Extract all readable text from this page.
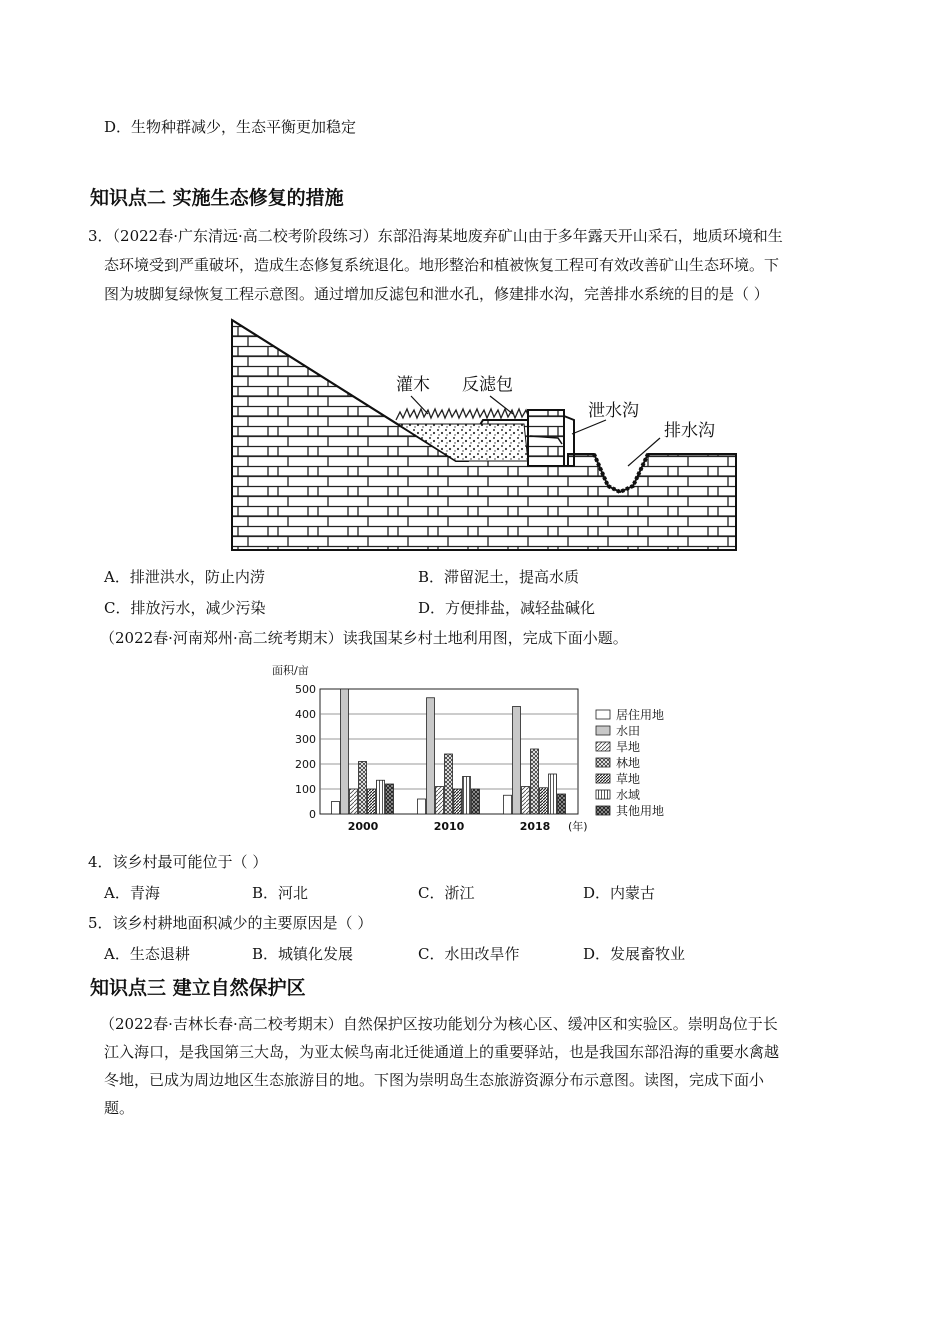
D．生物种群减少，生态平衡更加稳定
知识点二 实施生态修复的措施
3．（2022春·广东清远·高二校考阶段练习）东部沿海某地废弃矿山由于多年露天开山采石，地质环境和生
态环境受到严重破坏，造成生态修复系统退化。地形整治和植被恢复工程可有效改善矿山生态环境。下
图为坡脚复绿恢复工程示意图。通过增加反滤包和泄水孔，修建排水沟，完善排水系统的目的是（ ）
灌木 反滤包
泄水沟
排水沟
A．排泄洪水，防止内涝	B．滞留泥土，提高水质
C．排放污水，减少污染	D．方便排盐，减轻盐碱化
（2022春·河南郑州·高二统考期末）读我国某乡村土地利用图，完成下面小题。
面积/亩
0
100
200
300
400
500
2000	2010	2018 (年)
居住用地
水田
旱地
林地
草地
水域
其他用地
4．该乡村最可能位于（ ）
A．青海	B．河北	C．浙江	D．内蒙古
5．该乡村耕地面积减少的主要原因是（ ）
A．生态退耕	B．城镇化发展	C．水田改旱作	D．发展畜牧业
知识点三 建立自然保护区
（2022春·吉林长春·高二校考期末）自然保护区按功能划分为核心区、缓冲区和实验区。崇明岛位于长
江入海口，是我国第三大岛，为亚太候鸟南北迁徙通道上的重要驿站，也是我国东部沿海的重要水禽越
冬地，已成为周边地区生态旅游目的地。下图为崇明岛生态旅游资源分布示意图。读图，完成下面小
题。
